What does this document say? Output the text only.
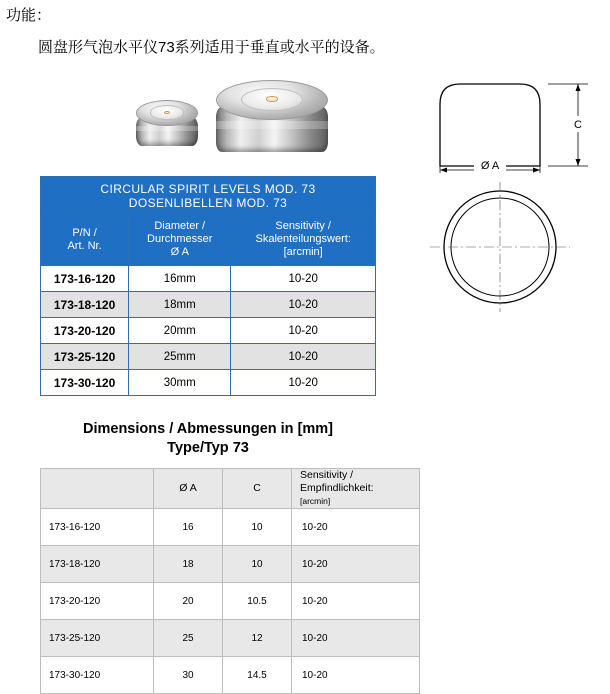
功能：
圆盘形气泡水平仪73系列适用于垂直或水平的设备。
C
Ø A
CIRCULAR SPIRIT LEVELS MOD. 73
DOSENLIBELLEN MOD. 73		

P/N /
Art. Nr.

Diameter /
Durchmesser
Ø A

Sensitivity /
Skalenteilungswert:
[arcmin]

173-16-120	16mm	10-20
173-18-120	18mm	10-20
173-20-120	20mm	10-20
173-25-120	25mm	10-20
173-30-120	30mm	10-20
Dimensions / Abmessungen in [mm]
Type/Typ 73
	Ø A	C	Sensitivity / Empfindlichkeit:
[arcmin]

173-16-120	16	10	10-20
173-18-120	18	10	10-20
173-20-120	20	10.5	10-20
173-25-120	25	12	10-20
173-30-120	30	14.5	10-20
